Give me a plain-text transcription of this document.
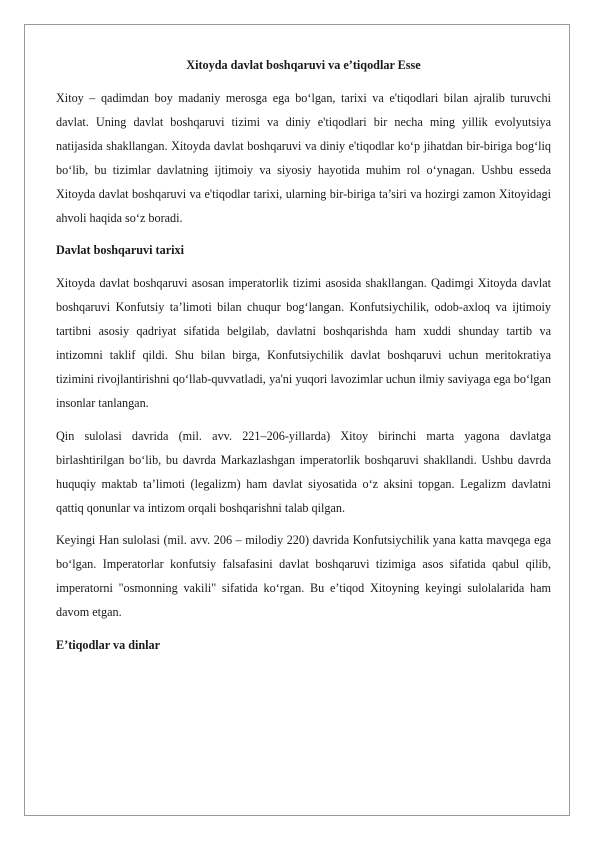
Xitoyda davlat boshqaruvi va e’tiqodlar Esse

Xitoy – qadimdan boy madaniy merosga ega bo‘lgan, tarixi va e'tiqodlari bilan ajralib turuvchi davlat. Uning davlat boshqaruvi tizimi va diniy e'tiqodlari bir necha ming yillik evolyutsiya natijasida shakllangan. Xitoyda davlat boshqaruvi va diniy e'tiqodlar ko‘p jihatdan bir-biriga bog‘liq bo‘lib, bu tizimlar davlatning ijtimoiy va siyosiy hayotida muhim rol o‘ynagan. Ushbu esseda Xitoyda davlat boshqaruvi va e'tiqodlar tarixi, ularning bir-biriga ta’siri va hozirgi zamon Xitoyidagi ahvoli haqida so‘z boradi.

Davlat boshqaruvi tarixi

Xitoyda davlat boshqaruvi asosan imperatorlik tizimi asosida shakllangan. Qadimgi Xitoyda davlat boshqaruvi Konfutsiy ta’limoti bilan chuqur bog‘langan. Konfutsiychilik, odob-axloq va ijtimoiy tartibni asosiy qadriyat sifatida belgilab, davlatni boshqarishda ham xuddi shunday tartib va intizomni taklif qildi. Shu bilan birga, Konfutsiychilik davlat boshqaruvi uchun meritokratiya tizimini rivojlantirishni qo‘llab-quvvatladi, ya'ni yuqori lavozimlar uchun ilmiy saviyaga ega bo‘lgan insonlar tanlangan.

Qin sulolasi davrida (mil. avv. 221–206-yillarda) Xitoy birinchi marta yagona davlatga birlashtirilgan bo‘lib, bu davrda Markazlashgan imperatorlik boshqaruvi shakllandi. Ushbu davrda huquqiy maktab ta’limoti (legalizm) ham davlat siyosatida o‘z aksini topgan. Legalizm davlatni qattiq qonunlar va intizom orqali boshqarishni talab qilgan.

Keyingi Han sulolasi (mil. avv. 206 – milodiy 220) davrida Konfutsiychilik yana katta mavqega ega bo‘lgan. Imperatorlar konfutsiy falsafasini davlat boshqaruvi tizimiga asos sifatida qabul qilib, imperatorni "osmonning vakili" sifatida ko‘rgan. Bu e’tiqod Xitoyning keyingi sulolalarida ham davom etgan.

E’tiqodlar va dinlar
